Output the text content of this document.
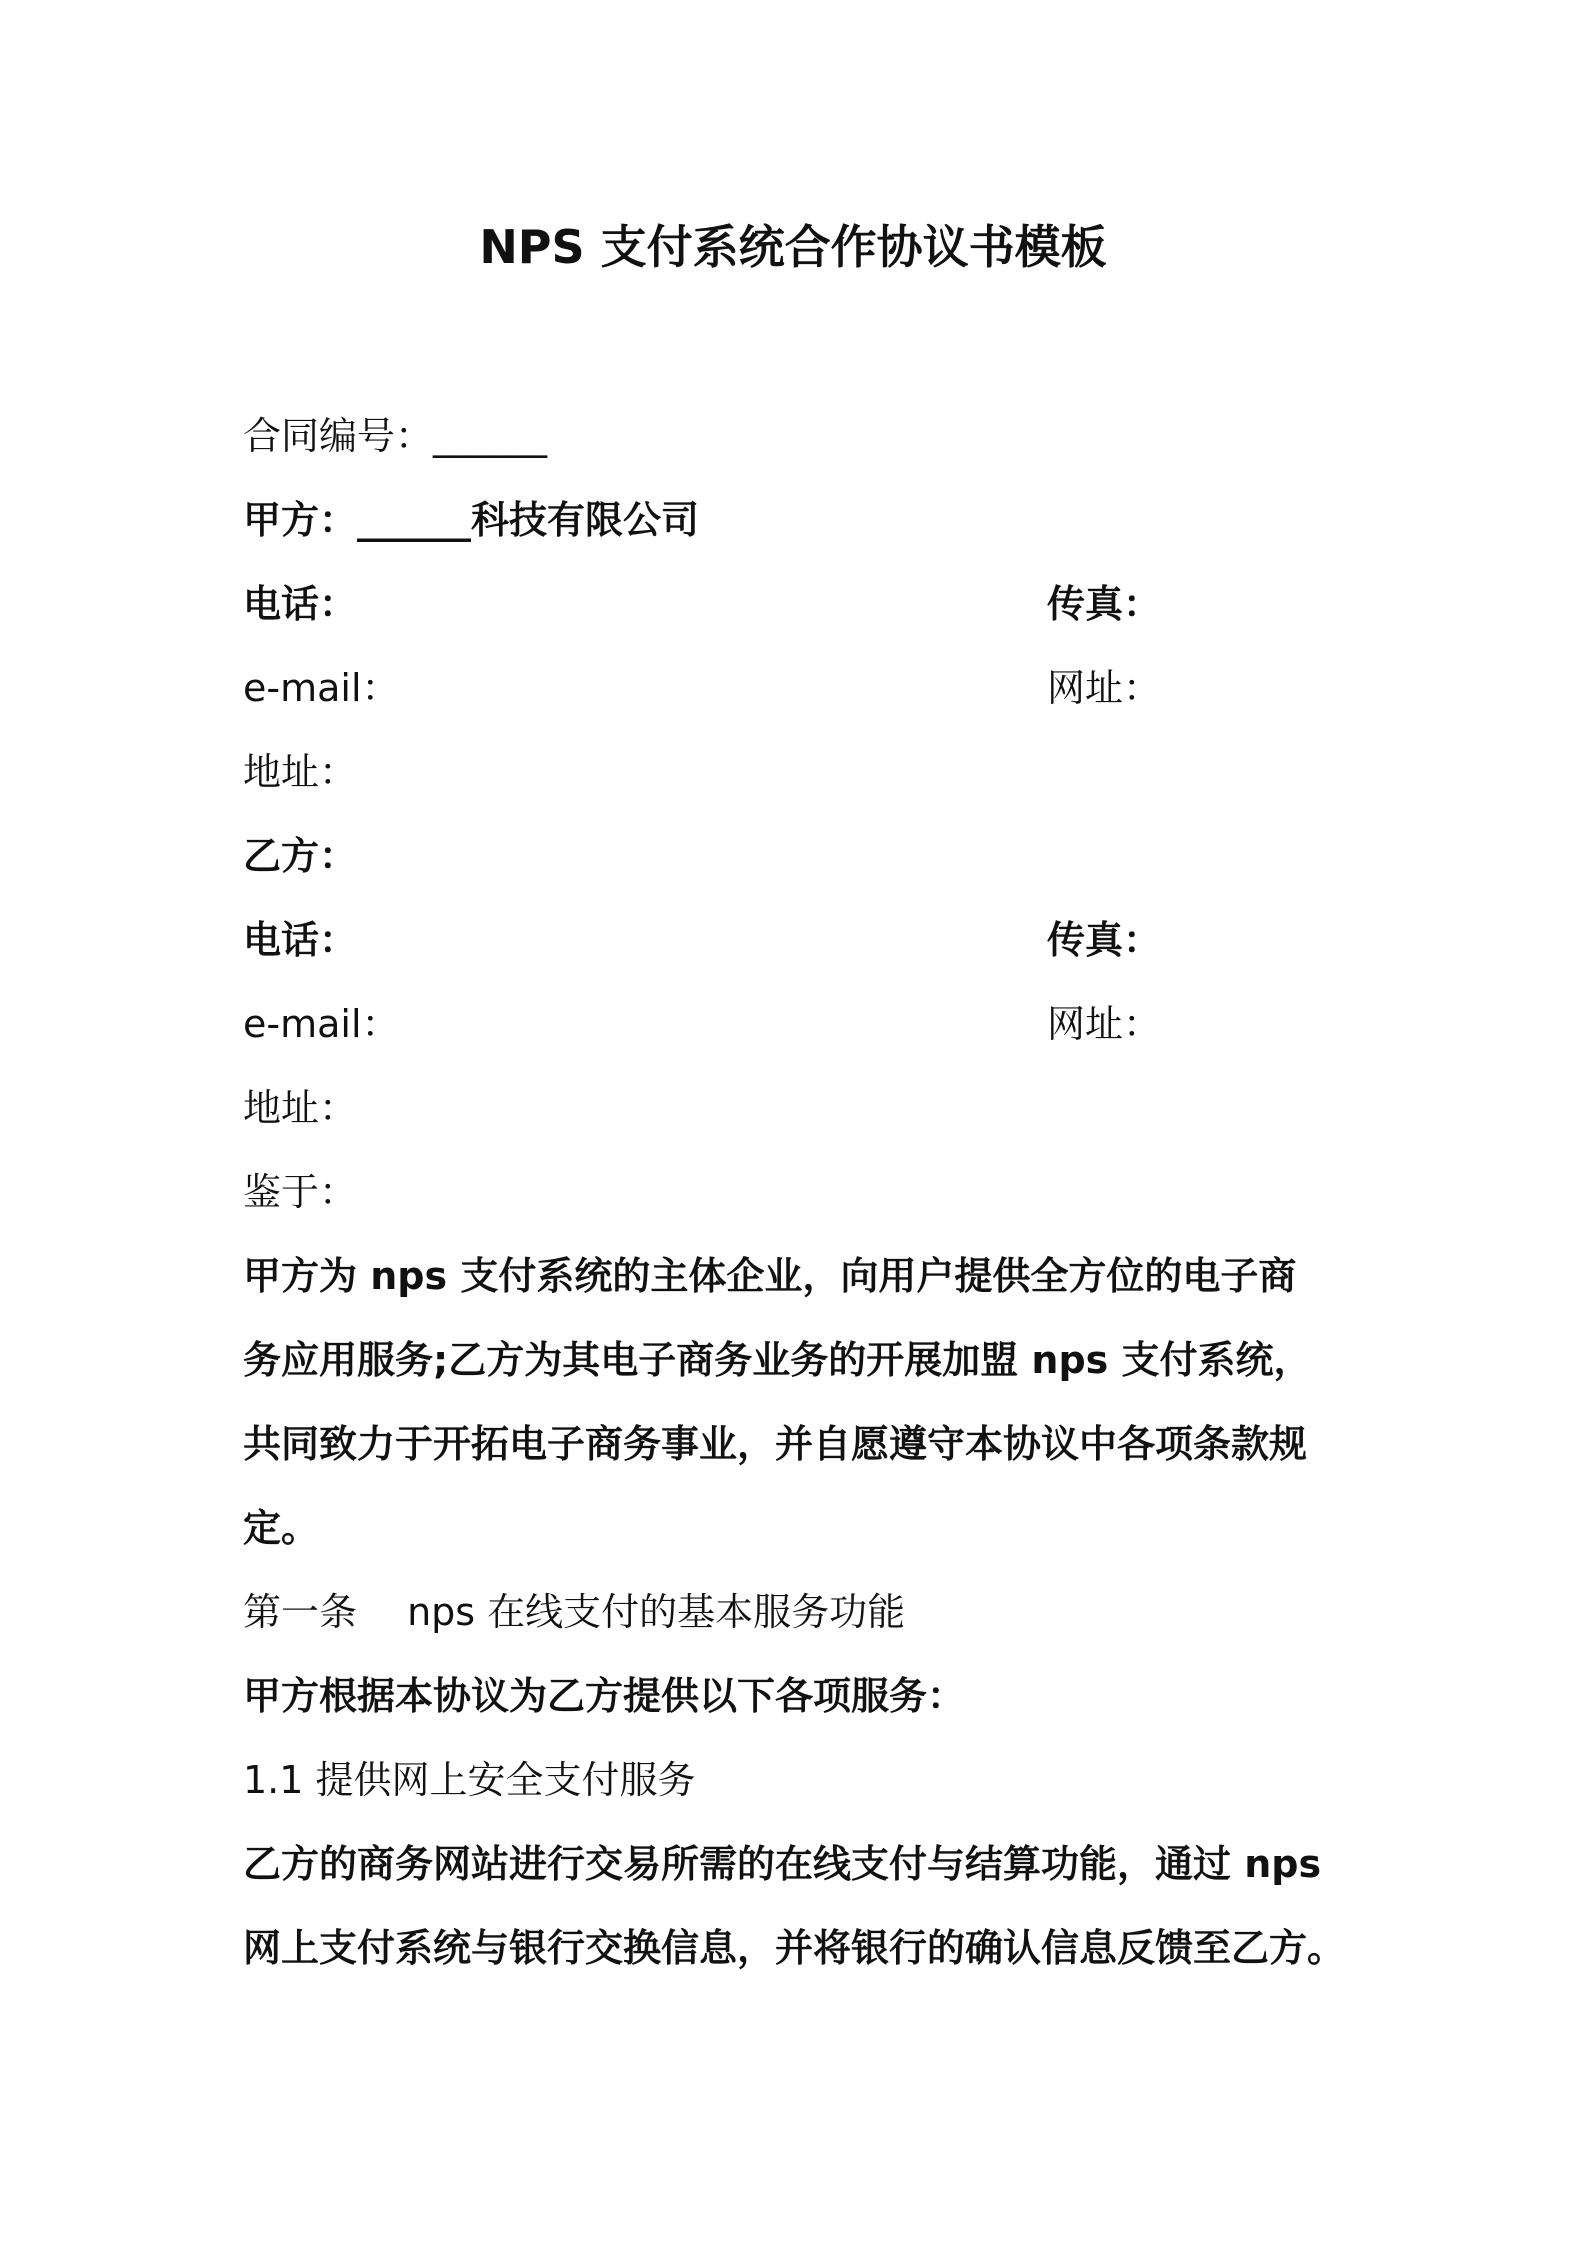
NPS 支付系统合作协议书模板
合同编号：______
甲方：______科技有限公司
电话：	传真：
e-mail：	网址：
地址：
乙方：
电话：	传真：
e-mail：	网址：
地址：
鉴于：
甲方为 nps 支付系统的主体企业，向用户提供全方位的电子商
务应用服务;乙方为其电子商务业务的开展加盟 nps 支付系统，
共同致力于开拓电子商务事业，并自愿遵守本协议中各项条款规
定。
第一条　 nps 在线支付的基本服务功能
甲方根据本协议为乙方提供以下各项服务：
1.1 提供网上安全支付服务
乙方的商务网站进行交易所需的在线支付与结算功能，通过 nps
网上支付系统与银行交换信息，并将银行的确认信息反馈至乙方。
